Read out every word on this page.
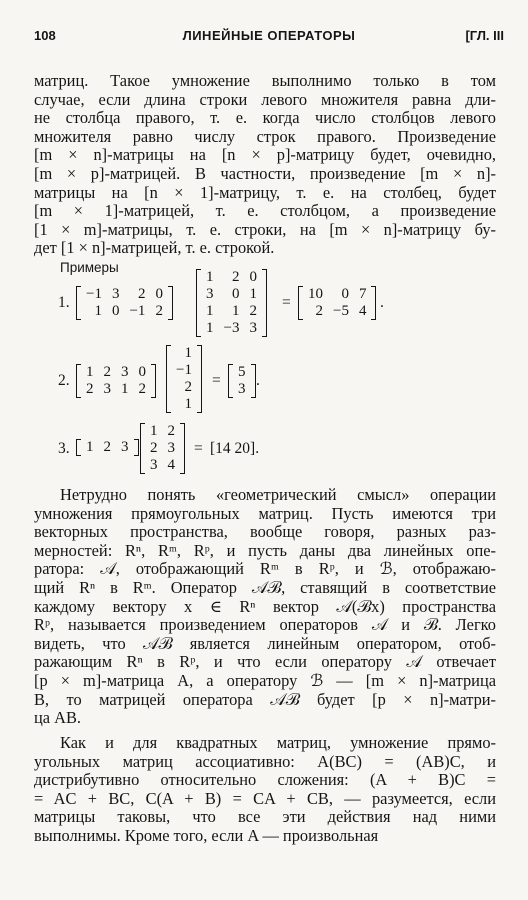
108	ЛИНЕЙНЫЕ ОПЕРАТОРЫ	[ГЛ. III
матриц. Такое умножение выполнимо только в том
случае, если длина строки левого множителя равна дли-
не столбца правого, т. е. когда число столбцов левого
множителя равно числу строк правого. Произведение
[m × n]-матрицы на [n × p]-матрицу будет, очевидно,
[m × p]-матрицей. В частности, произведение [m × n]-
матрицы на [n × 1]-матрицу, т. е. на столбец, будет
[m × 1]-матрицей, т. е. столбцом, а произведение
[1 × m]-матрицы, т. е. строки, на [m × n]-матрицу бу-
дет [1 × n]-матрицей, т. е. строкой.
Примеры
1. −1	3	2	0
1	0	−1	2
1	2	0
3	0	1
1	1	2
1	−3	3
= 10	0	7
2	−5	4 .
2. 1	2	3	0
2	3	1	2
1
−1
2
1
= 5
3 .
3. 1	2	3
1	2
2	3
3	4
= [14 20].
Нетрудно понять «геометрический смысл» операции
умножения прямоугольных матриц. Пусть имеются три
векторных пространства, вообще говоря, разных раз-
мерностей: Rⁿ, Rᵐ, Rᵖ, и пусть даны два линейных опе-
ратора: 𝒜, отображающий Rᵐ в Rᵖ, и ℬ, отображаю-
щий Rⁿ в Rᵐ. Оператор 𝒜ℬ, ставящий в соответствие
каждому вектору x ∈ Rⁿ вектор 𝒜(ℬx) пространства
Rᵖ, называется произведением операторов 𝒜 и ℬ. Легко
видеть, что 𝒜ℬ является линейным оператором, отоб-
ражающим Rⁿ в Rᵖ, и что если оператору 𝒜 отвечает
[p × m]-матрица A, а оператору ℬ — [m × n]-матрица
B, то матрицей оператора 𝒜ℬ будет [p × n]-матри-
ца AB.
Как и для квадратных матриц, умножение прямо-
угольных матриц ассоциативно: A(BC) = (AB)C, и
дистрибутивно относительно сложения: (A + B)C =
= AC + BC, C(A + B) = CA + CB, — разумеется, если
матрицы таковы, что все эти действия над ними
выполнимы. Кроме того, если A — произвольная
